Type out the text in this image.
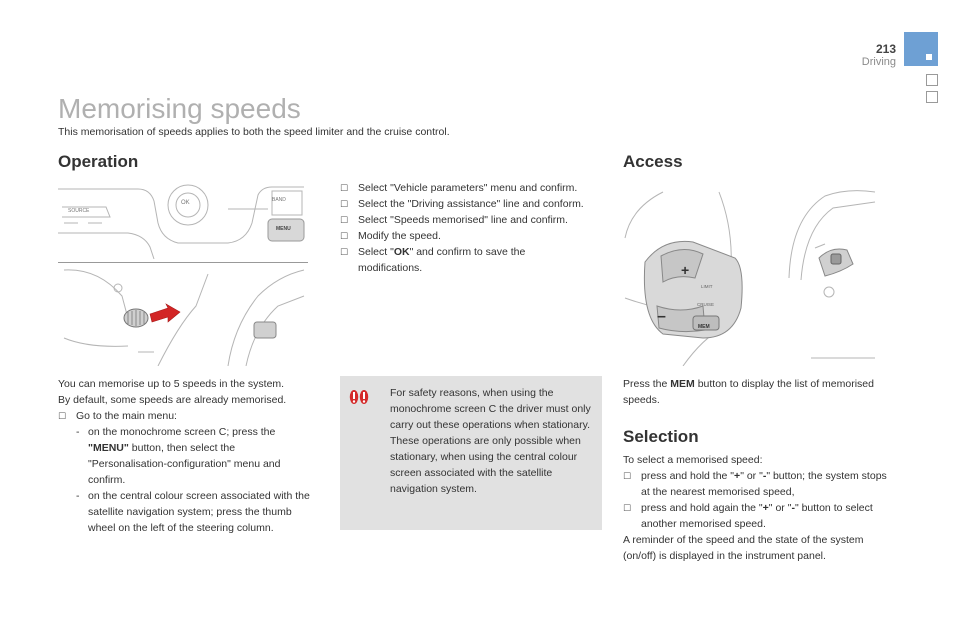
213
Driving
Memorising speeds
This memorisation of speeds applies to both the speed limiter and the cruise control.
Operation
SOURCE
OK	BAND
MENU
You can memorise up to 5 speeds in the system.
By default, some speeds are already memorised.
☐ Go to the main menu:
- on the monochrome screen C; press the "MENU" button, then select the "Personalisation-configuration" menu and confirm.
- on the central colour screen associated with the satellite navigation system; press the thumb wheel on the left of the steering column.
☐ Select "Vehicle parameters" menu and confirm.
☐ Select the "Driving assistance" line and conform.
☐ Select "Speeds memorised" line and confirm.
☐ Modify the speed.
☐ Select "OK" and confirm to save the modifications.
For safety reasons, when using the monochrome screen C the driver must only carry out these operations when stationary.
These operations are only possible when stationary, when using the central colour screen associated with the satellite navigation system.
Access
+
–
LIMIT
CRUISE
MEM
Press the MEM button to display the list of memorised speeds.
Selection
To select a memorised speed:
☐ press and hold the "+" or "-" button; the system stops at the nearest memorised speed,
☐ press and hold again the "+" or "-" button to select another memorised speed.
A reminder of the speed and the state of the system (on/off) is displayed in the instrument panel.
